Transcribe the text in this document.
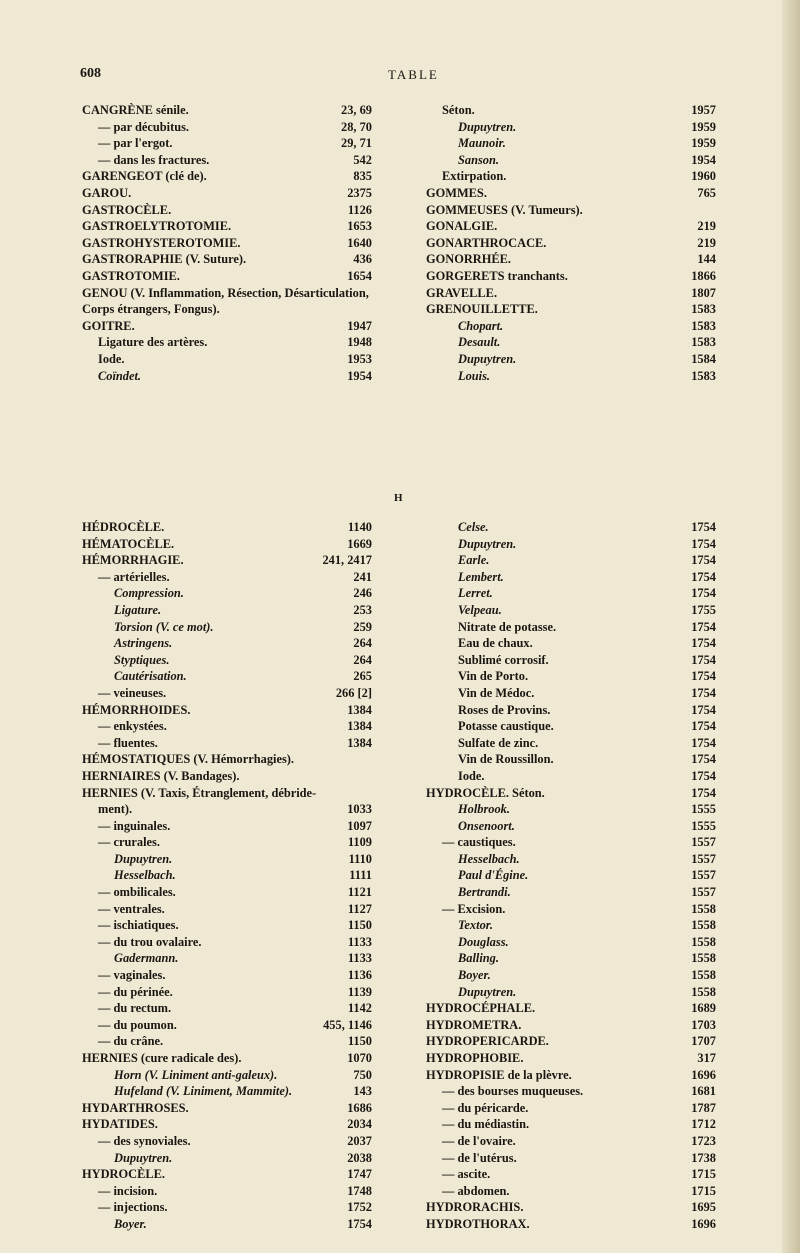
608	TABLE
CANGRÈNE sénile.	23, 69
— par décubitus.	28, 70
— par l'ergot.	29, 71
— dans les fractures.	542
GARENGEOT (clé de).	835
GAROU.	2375
GASTROCÈLE.	1126
GASTROELYTROTOMIE.	1653
GASTROHYSTEROTOMIE.	1640
GASTRORAPHIE (V. Suture).	436
GASTROTOMIE.	1654
GENOU (V. Inflammation, Résection, Désarticulation,
Corps étrangers, Fongus).
GOITRE.	1947
Ligature des artères.	1948
Iode.	1953
Coïndet.	1954
Séton.	1957
Dupuytren.	1959
Maunoir.	1959
Sanson.	1954
Extirpation.	1960
GOMMES.	765
GOMMEUSES (V. Tumeurs).
GONALGIE.	219
GONARTHROCACE.	219
GONORRHÉE.	144
GORGERETS tranchants.	1866
GRAVELLE.	1807
GRENOUILLETTE.	1583
Chopart.	1583
Desault.	1583
Dupuytren.	1584
Louis.	1583
H
HÉDROCÈLE.	1140
HÉMATOCÈLE.	1669
HÉMORRHAGIE.	241, 2417
— artérielles.	241
Compression.	246
Ligature.	253
Torsion (V. ce mot).	259
Astringens.	264
Styptiques.	264
Cautérisation.	265
— veineuses.	266 [2]
HÉMORRHOIDES.	1384
— enkystées.	1384
— fluentes.	1384
HÉMOSTATIQUES (V. Hémorrhagies).
HERNIAIRES (V. Bandages).
HERNIES (V. Taxis, Étranglement, débride-
ment).	1033
— inguinales.	1097
— crurales.	1109
Dupuytren.	1110
Hesselbach.	1111
— ombilicales.	1121
— ventrales.	1127
— ischiatiques.	1150
— du trou ovalaire.	1133
Gadermann.	1133
— vaginales.	1136
— du périnée.	1139
— du rectum.	1142
— du poumon.	455, 1146
— du crâne.	1150
HERNIES (cure radicale des).	1070
Horn (V. Liniment anti-galeux).	750
Hufeland (V. Liniment, Mammite).	143
HYDARTHROSES.	1686
HYDATIDES.	2034
— des synoviales.	2037
Dupuytren.	2038
HYDROCÈLE.	1747
— incision.	1748
— injections.	1752
Boyer.	1754
Celse.	1754
Dupuytren.	1754
Earle.	1754
Lembert.	1754
Lerret.	1754
Velpeau.	1755
Nitrate de potasse.	1754
Eau de chaux.	1754
Sublimé corrosif.	1754
Vin de Porto.	1754
Vin de Médoc.	1754
Roses de Provins.	1754
Potasse caustique.	1754
Sulfate de zinc.	1754
Vin de Roussillon.	1754
Iode.	1754
HYDROCÈLE. Séton.	1754
Holbrook.	1555
Onsenoort.	1555
— caustiques.	1557
Hesselbach.	1557
Paul d'Égine.	1557
Bertrandi.	1557
— Excision.	1558
Textor.	1558
Douglass.	1558
Balling.	1558
Boyer.	1558
Dupuytren.	1558
HYDROCÉPHALE.	1689
HYDROMETRA.	1703
HYDROPERICARDE.	1707
HYDROPHOBIE.	317
HYDROPISIE de la plèvre.	1696
— des bourses muqueuses.	1681
— du péricarde.	1787
— du médiastin.	1712
— de l'ovaire.	1723
— de l'utérus.	1738
— ascite.	1715
— abdomen.	1715
HYDRORACHIS.	1695
HYDROTHORAX.	1696
